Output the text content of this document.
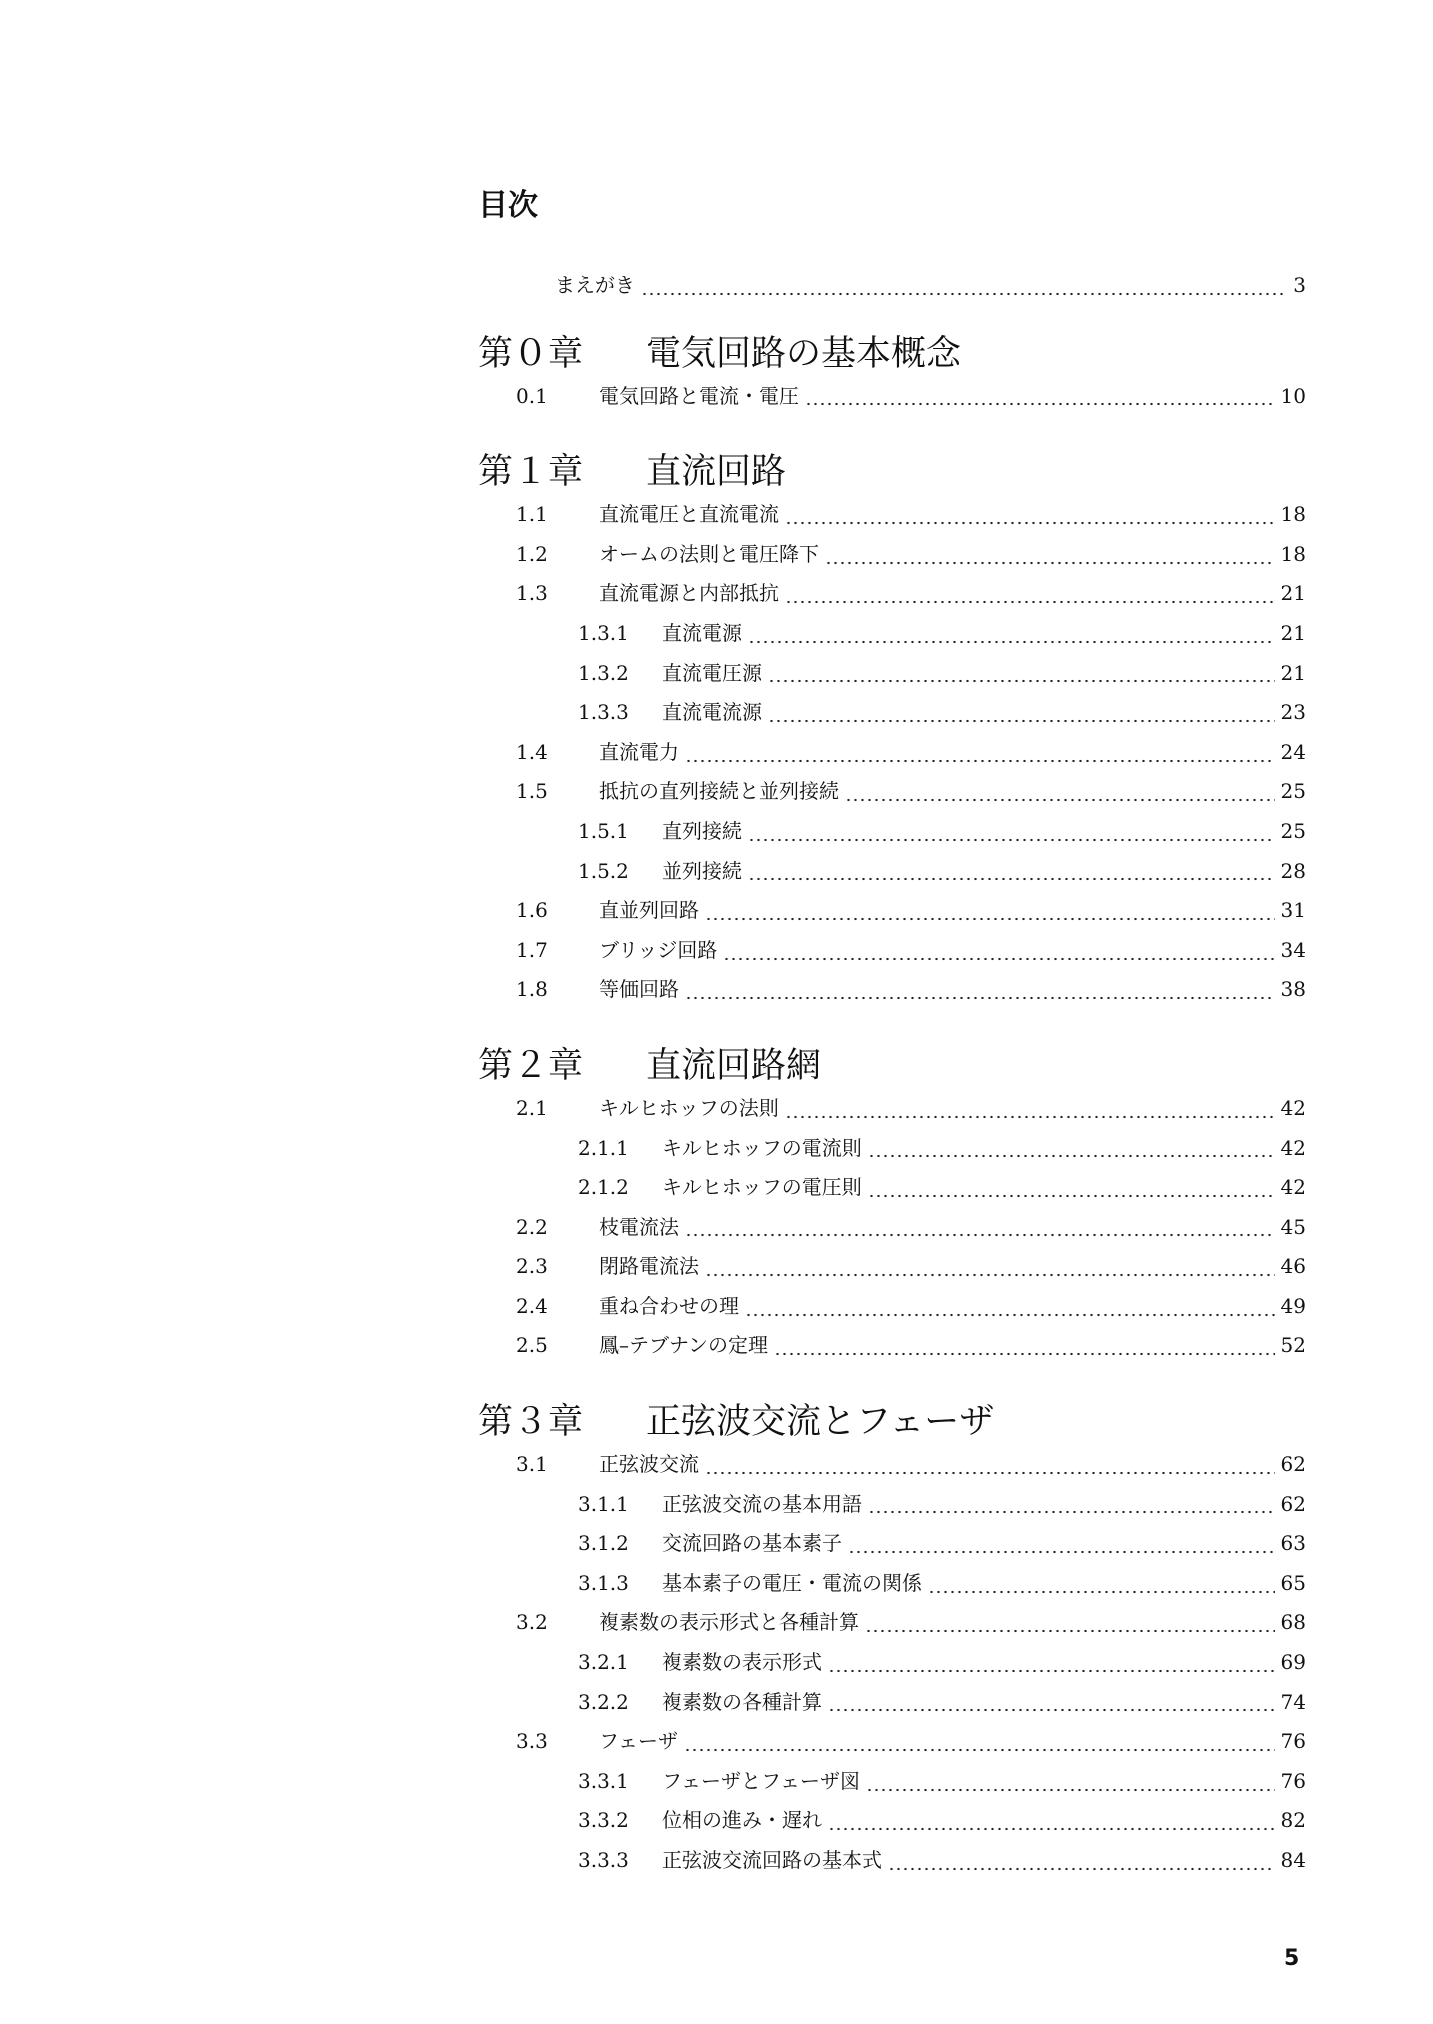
目次
まえがき	3
第０章	電気回路の基本概念
0.1	電気回路と電流・電圧	10
第１章	直流回路
1.1	直流電圧と直流電流	18
1.2	オームの法則と電圧降下	18
1.3	直流電源と内部抵抗	21
1.3.1	直流電源	21
1.3.2	直流電圧源	21
1.3.3	直流電流源	23
1.4	直流電力	24
1.5	抵抗の直列接続と並列接続	25
1.5.1	直列接続	25
1.5.2	並列接続	28
1.6	直並列回路	31
1.7	ブリッジ回路	34
1.8	等価回路	38
第２章	直流回路網
2.1	キルヒホッフの法則	42
2.1.1	キルヒホッフの電流則	42
2.1.2	キルヒホッフの電圧則	42
2.2	枝電流法	45
2.3	閉路電流法	46
2.4	重ね合わせの理	49
2.5	鳳–テブナンの定理	52
第３章	正弦波交流とフェーザ
3.1	正弦波交流	62
3.1.1	正弦波交流の基本用語	62
3.1.2	交流回路の基本素子	63
3.1.3	基本素子の電圧・電流の関係	65
3.2	複素数の表示形式と各種計算	68
3.2.1	複素数の表示形式	69
3.2.2	複素数の各種計算	74
3.3	フェーザ	76
3.3.1	フェーザとフェーザ図	76
3.3.2	位相の進み・遅れ	82
3.3.3	正弦波交流回路の基本式	84
5
